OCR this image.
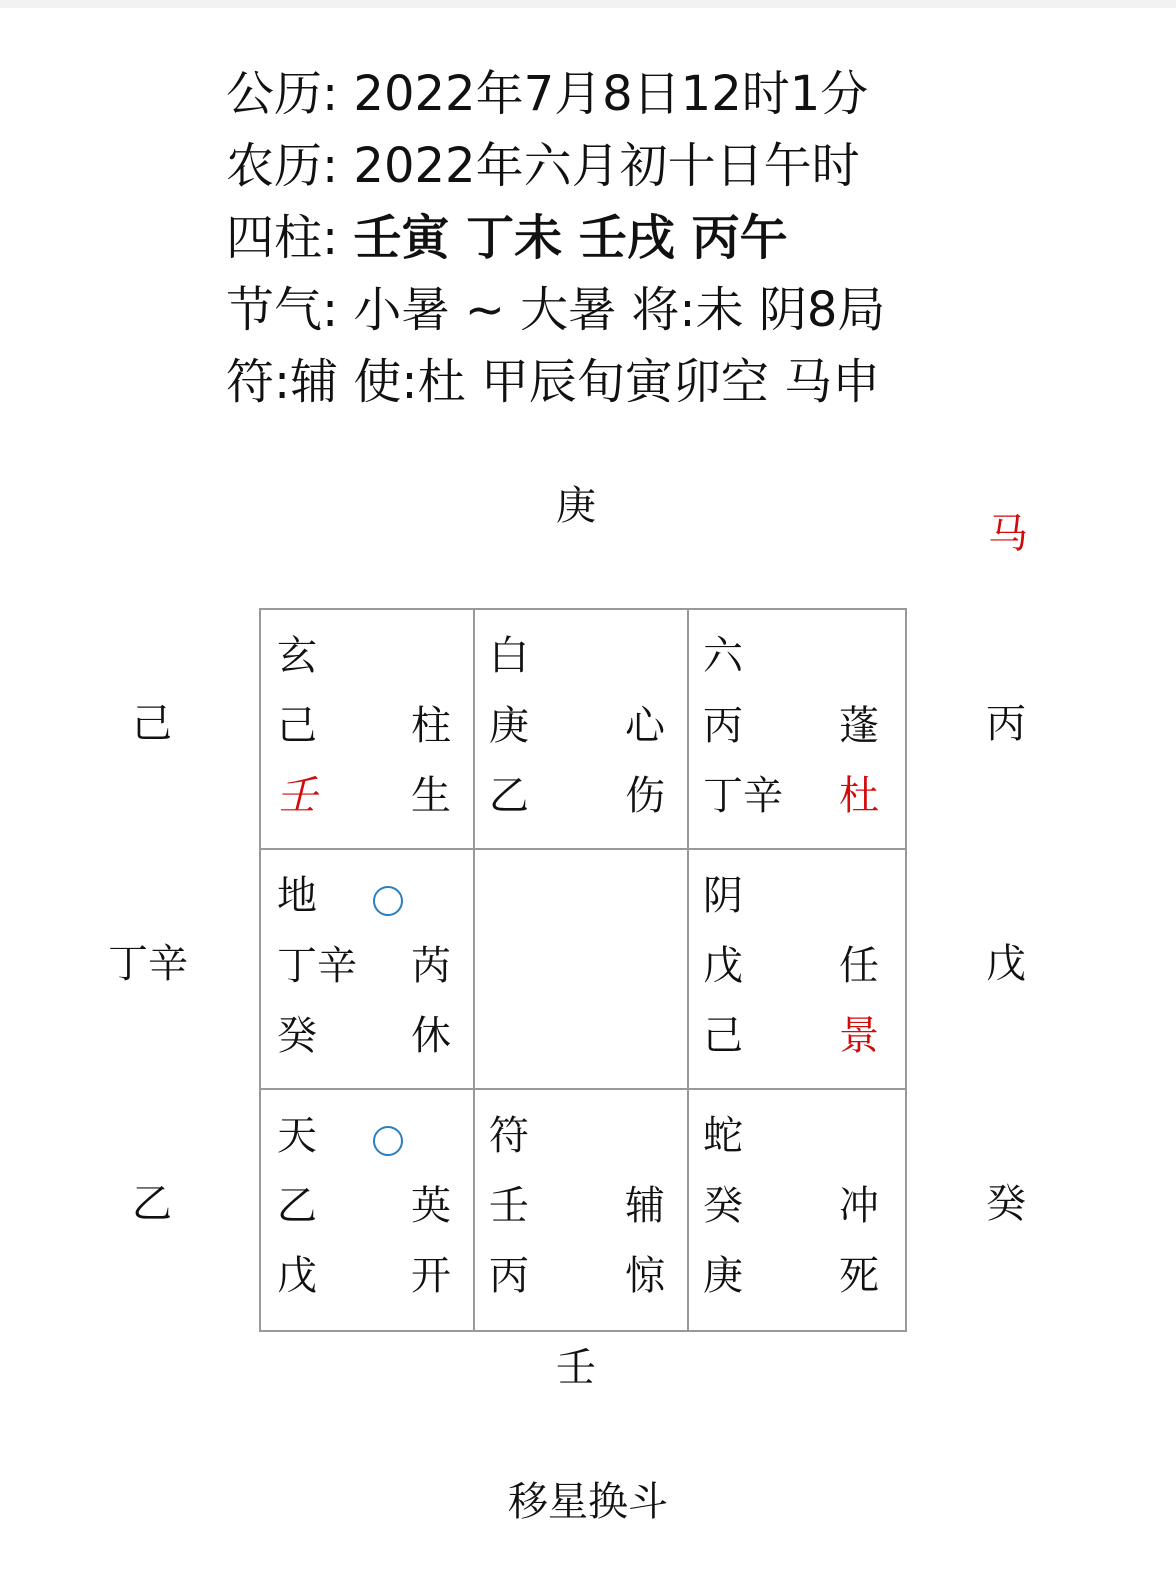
公历: 2022年7月8日12时1分
农历: 2022年六月初十日午时
四柱: 壬寅 丁未 壬戌 丙午
节气: 小暑 ~ 大暑 将:未 阴8局
符:辅 使:杜 甲辰旬寅卯空 马申
庚
马
己
丁辛
乙
丙
戊
癸
壬
玄
己 柱
壬 生
白
庚 心
乙 伤
六
丙 蓬
丁辛 杜
地
丁辛 芮
癸 休
阴
戊 任
己 景
天
乙 英
戊 开
符
壬 辅
丙 惊
蛇
癸 冲
庚 死
移星换斗
